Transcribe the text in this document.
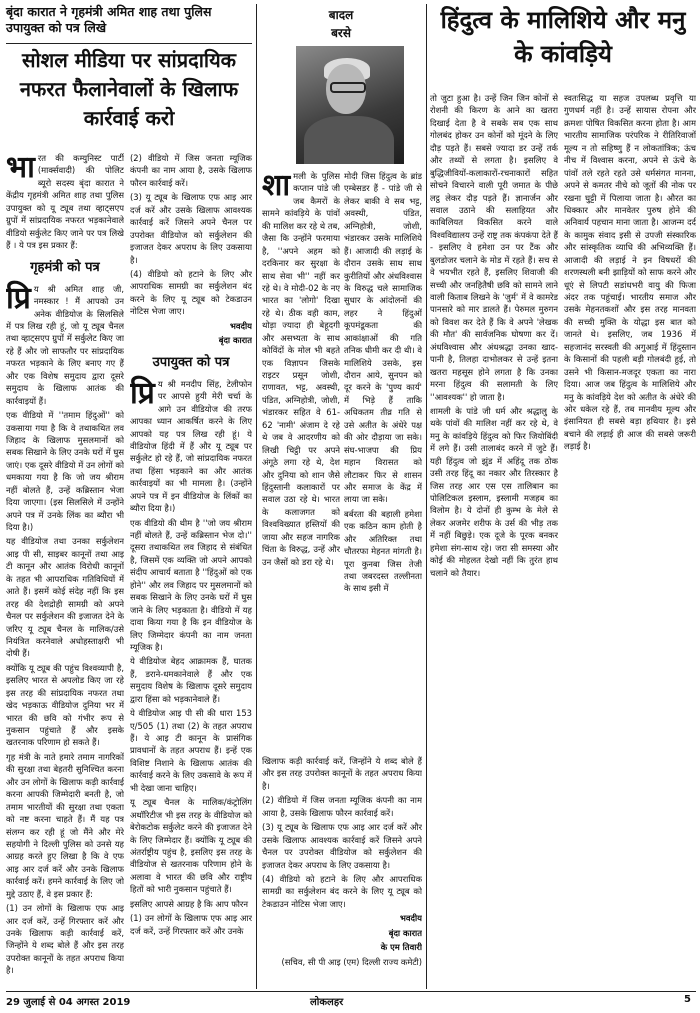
बृंदा कारात ने गृहमंत्री अमित शाह तथा पुलिस उपायुक्त को पत्र लिखे
सोशल मीडिया पर सांप्रदायिक नफरत फैलानेवालों के खिलाफ कार्रवाई करो

भारत की कम्युनिस्ट पार्टी (मार्क्सवादी) की पोलिट ब्यूरो सदस्य बृंदा कारात ने केंद्रीय गृहमंत्री अमित शाह तथा पुलिस उपायुक्त को यू ट्यूब तथा व्हाट्सएप ग्रुपों में सांप्रदायिक नफरत भड़कानेवाले वीडियो सर्कुलेट किए जाने पर पत्र लिखे हैं । ये पत्र इस प्रकार हैं:

गृहमंत्री को पत्र

प्रि य श्री अमित शाह जी, नमस्कार ! मैं आपको उन अनेक वीडियोज के सिलसिले में पत्र लिख रही हूं, जो यू ट्यूब चैनल तथा व्हाट्सएप ग्रुपों में सर्कुलेट किए जा रहे हैं और जो साफतौर पर सांप्रदायिक नफरत भड़काने के लिए बनाए गए हैं और एक विशेष समुदाय द्वारा दूसरे समुदाय के खिलाफ आतंक की कार्रवाइयों हैं।

एक वीडियो में ''तमाम हिंदुओं'' को उकसाया गया है कि वे तथाकथित लव जिहाद के खिलाफ मुसलमानों को सबक सिखाने के लिए उनके घरों में घुस जाएं। एक दूसरे वीडियो में उन लोगों को धमकाया गया है कि जो जय श्रीराम नहीं बोलते हैं, उन्हें कब्रिस्तान भेजा दिया जाएगा। (इस सिलसिले में उन्होंने अपने पत्र में उनके लिंक का ब्यौरा भी दिया है।)

यह वीडियोज तथा उनका सर्कुलेशन आइ पी सी, साइबर कानूनों तथा आइ टी कानून और आतंक विरोधी कानूनों के तहत भी आपराधिक गतिविधियों में आते हैं। इसमें कोई संदेह नहीं कि इस तरह की देशद्रोही सामग्री को अपने चैनल पर सर्कुलेशन की इजाजत देने के जरिए यू ट्यूब चैनल के मालिक/उसे नियंत्रित करनेवाले अधोहस्ताक्षरी भी दोषी हैं।

क्योंकि यू ट्यूब की पहुंच विश्वव्यापी है, इसलिए भारत से अपलोड किए जा रहे इस तरह की सांप्रदायिक नफरत तथा खेद भड़काऊ वीडियोज दुनिया भर में भारत की छवि को गंभीर रूप से नुकसान पहुंचाते हैं और इसके खतरनाक परिणाम हो सकते हैं।

गृह मंत्री के नाते हमारे तमाम नागरिकों की सुरक्षा तथा बेहतरी सुनिश्चित करना और उन लोगों के खिलाफ कड़ी कार्रवाई करना आपकी जिम्मेदारी बनती है, जो तमाम भारतीयों की सुरक्षा तथा एकता को नष्ट करना चाहते हैं। मैं यह पत्र संलग्न कर रही हूं जो मैंने और मेरे सहयोगी ने दिल्ली पुलिस को उनसे यह आग्रह करते हुए लिखा है कि वे एफ आइ आर दर्ज करें और उनके खिलाफ कार्रवाई करें। हमने कार्रवाई के लिए जो मुद्दे उठाए हैं, वे इस प्रकार हैं:

(1) उन लोगों के खिलाफ एफ आइ आर दर्ज करें, उन्हें गिरफ्तार करें और उनके खिलाफ कड़ी कार्रवाई करें, जिन्होंने ये शब्द बोले हैं और इस तरह उपरोक्त कानूनों के तहत अपराध किया है।

(2) वीडियो में जिस जनता म्यूजिक कंपनी का नाम आया है, उसके खिलाफ फौरन कार्रवाई करें।

(3) यू ट्यूब के खिलाफ एफ आइ आर दर्ज करें और उसके खिलाफ आवश्यक कार्रवाई करें जिसने अपने चैनल पर उपरोक्त वीडियोज को सर्कुलेशन की इजाजत देकर अपराध के लिए उकसाया है।

(4) वीडियो को हटाने के लिए और आपराधिक सामग्री का सर्कुलेशन बंद करने के लिए यू ट्यूब को टेकडाउन नोटिस भेजा जाए।

भवदीय
बृंदा कारात
उपायुक्त को पत्र

प्रि य श्री मनदीप सिंह, टेलीफोन पर आपसे हुयी मेरी चर्चा के आगे उन वीडियोज की तरफ आपका ध्यान आकर्षित करने के लिए आपको यह पत्र लिख रही हूं। ये वीडियोज हिंदी में हैं और यू ट्यूब पर सर्कुलेट हो रहे हैं, जो सांप्रदायिक नफरत तथा हिंसा भड़काने का और आतंक कार्रवाइयों का भी मामला है। (उन्होंने अपने पत्र में इन वीडियोज के लिंकों का ब्यौरा दिया है।)

एक वीडियो की थीम है ''जो जय श्रीराम नहीं बोलते हैं, उन्हें कब्रिस्तान भेज दो।'' दूसरा तथाकथित लव जिहाद से संबंधित है, जिसमें एक व्यक्ति जो अपने आपको संदीप आचार्य बताता है ''हिंदुओं को एक होने'' और लव जिहाद पर मुसलमानों को सबक सिखाने के लिए उनके घरों में घुस जाने के लिए भड़काता है। वीडियो में यह दावा किया गया है कि इन वीडियोज के लिए जिम्मेदार कंपनी का नाम जनता म्यूजिक है।

ये वीडियोज बेहद आक्रामक हैं, घातक हैं, डराने-धमकानेवाले हैं और एक समुदाय विशेष के खिलाफ दूसरे समुदाय द्वारा हिंसा को भड़कानेवाले हैं।

ये वीडियोज आइ पी सी की धारा 153 ए/505 (1) तथा (2) के तहत अपराध हैं। ये आइ टी कानून के प्रासंगिक प्रावधानों के तहत अपराध हैं। इन्हें एक विशिष्ट निशाने के खिलाफ आतंक की कार्रवाई करने के लिए उकसावे के रूप में भी देखा जाना चाहिए।

यू ट्यूब चैनल के मालिक/कंट्रोलिंग अथॉरिटीज भी इस तरह के वीडियोज को बेरोकटोक सर्कुलेट करने की इजाजत देने के लिए जिम्मेदार हैं। क्योंकि यू ट्यूब की अंतर्राष्ट्रीय पहुंच है, इसलिए इस तरह के वीडियोज से खतरनाक परिणाम होने के अलावा वे भारत की छवि और राष्ट्रीय हितों को भारी नुकसान पहुंचाते हैं।

इसलिए आपसे आग्रह है कि आप फौरन

(1) उन लोगों के खिलाफ एफ आइ आर दर्ज करें, उन्हें गिरफ्तार करें और उनके

बादल
बरसे

शामली के पुलिस कप्तान पांडे जी जब कैमरों के सामने कांवड़िये के पांवों की मालिश कर रहे थे तब, जैसा कि उन्होंने फरमाया है, ''अपने अहम को दरकिनार कर सुरक्षा के साथ सेवा भी'' नहीं कर रहे थे। वे मोदी-02 के नए भारत का 'लोगो' दिखा रहे थे। ठीक वही काम, थोड़ा ज्यादा ही बेहूदगी और असभ्यता के साथ कोविंदों के मोल भी बहते एक विज्ञापन जिसके राइटर प्रसून जोशी, राणावत, भट्ट, अवस्थी, पंडित, अग्निहोत्री, जोशी, भंडारकर सहित वे 61-62 'नामी' अंजाम दे रहे थे जब वे आदरणीय को लिखी चिट्ठी पर अपने अंगूठे लगा रहे थे, देश और दुनिया को शान जैसे हिंदुस्तानी कलाकारों पर सवाल उठा रहे थे। भारत के कलाजगत को विश्वविख्यात हस्तियों की जाया और सहज नागरिक चिंता के विरुद्ध, उन्हें और उन जैसों को डरा रहे थे।

मोदी जिस हिंदुत्व के ब्रांड एम्बेसडर हैं - पांडे जी से लेकर बाकी वे सब भट्ट, अवस्थी, पंडित, अग्निहोत्री, जोशी, भंडारकर उसके मालिशिये हैं। आजादी की लड़ाई के दौरान उसके साथ साथ कुरीतियों और अंधविश्वास के विरुद्ध चले सामाजिक सुधार के आंदोलनों की लहर ने हिंदुओं कूपमंडूकता की आकांक्षाओं की गति तनिक धीमी कर दी थी। वे मालिशिये उसके, इस दौरान आये, सुनपन को दूर करने के 'पुण्य कार्य' में भिड़े हैं ताकि अधिकतम तीव्र गति से उसे अतीत के अंधेरे पक्ष की ओर दौड़ाया जा सके। संघ-भाजपा की प्रिय महान विरासत को लौटाकर फिर से शासन और समाज के केंद्र में लाया जा सके।

बर्बरता की बहाली हमेशा एक कठिन काम होती है और अतिरिक्त तथा चौतरफा मेहनत मांगती है। पूरा कुनबा जिस तेजी तथा जबरदस्त तल्लीनता के साथ इसी में

खिलाफ कड़ी कार्रवाई करें, जिन्होंने ये शब्द बोले हैं और इस तरह उपरोक्त कानूनों के तहत अपराध किया है।

(2) वीडियो में जिस जनता म्यूजिक कंपनी का नाम आया है, उसके खिलाफ फौरन कार्रवाई करें।

(3) यू ट्यूब के खिलाफ एफ आइ आर दर्ज करें और उसके खिलाफ आवश्यक कार्रवाई करें जिसने अपने चैनल पर उपरोक्त वीडियोज को सर्कुलेशन की इजाजत देकर अपराध के लिए उकसाया है।

(4) वीडियो को हटाने के लिए और आपराधिक सामग्री का सर्कुलेशन बंद करने के लिए यू ट्यूब को टेकडाउन नोटिस भेजा जाए।

भवदीय
बृंदा कारात
के एम तिवारी
(सचिव, सी पी आइ (एम) दिल्ली राज्य कमेटी)
हिंदुत्व के मालिशिये और मनु के कांवड़िये

तो जुटा हुआ है। उन्हें जिन जिन कोनों से रोशनी की किरण के आने का खतरा दिखाई देता है वे सबके सब एक साथ गोलबंद होकर उन कोनों को मूंदने के लिए दौड़ पड़ते हैं। सबसे ज्यादा डर उन्हें तर्क और तथ्यों से लगता है। इसलिए वे बुद्धिजीवियों-कलाकारों-रचनाकारों सहित सोचने विचारने वाली पूरी जमात के पीछे लट्ठ लेकर दौड़ पड़ते हैं। ज्ञानार्जन और सवाल उठाने की सलाहियत और काबिलियत विकसित करने वाले विश्वविद्यालय उन्हें राष्ट्र तक कंपकंपा देते हैं - इसलिए वे हमेशा उन पर टैंक और बुलडोजर चलाने के मोड में रहते हैं। सच से वे भयभीत रहते हैं, इसलिए शिवाजी की सच्ची और जनहितैषी छवि को सामने लाने वाली किताब लिखने के 'जुर्म' में वे कामरेड पानसारे को मार डालते हैं। पेरुमल मुरुगन को विवश कर देते हैं कि वे अपने 'लेखक की मौत' की सार्वजनिक घोषणा कर दें। अंधविश्वास और अंधश्रद्धा उनका खाद-पानी है, तिलहा दाभोलकर से उन्हें इतना खतरा महसूस होने लगता है कि उनका मरना हिंदुत्व की सलामती के लिए ''आवश्यक'' हो जाता है।

शामली के पांडे जी धर्म और श्रद्धालु के थके पांवों की मालिश नहीं कर रहे थे, वे मनु के कांवड़िये हिंदुत्व को फिर जियोबिंदी में लगे हैं। उसी तालाबंद करने में जुटे हैं। यही हिंदुत्व जो झुंड में अहिंदू तक ठोक उसी तरह हिंदू का नकार और तिरस्कार है जिस तरह आर एस एस तालिबान का पोलिटिकल इस्लाम, इस्लामी मजहब का विलोम है। ये दोनों ही कुम्भ के मेले से लेकर अजमेर शरीफ के उर्स की भीड़ तक में नहीं बिछुड़े। एक दूजे के पूरक बनकर हमेशा संग-साथ रहे। जरा सी समस्या और कोई की मोहलत देखो नहीं कि तुरंत हाथ चलाने को तैयार।

स्वतःसिद्ध या सहज उपलब्ध प्रवृत्ति या गुणधर्म नहीं है। उन्हें सायास रोपना और क्रमशः पोषित विकसित करना होता है। आम भारतीय सामाजिक परंपरिक ने रीतिरिवाजों मूल्य न तो सहिष्णु हैं न लोकतांत्रिक; ऊंच नीच में विश्वास करना, अपने से ऊंचे के पांवों तले रहते रहते उसे धर्मसंगत मानना, अपने से कमतर नीचे को जूतों की नोक पर रखना घुट्टी में पिलाया जाता है। औरत का धिक्कार और मानवेतर पुरुष होने की अनिवार्य पहचान माना जाता है। आजन्म दर्द के कामुक संवाद इसी से उपजी संस्कारिक और सांस्कृतिक व्याधि की अभिव्यक्ति हैं। आजादी की लड़ाई ने इन विषधरों की शरणस्थली बनी झाड़ियों को साफ करने और धूएं से लिपटी सडांधभरी वायु की फिजा अंदर तक पहुंचाई। भारतीय समाज और उसके मेहनतकशों और इस तरह मानवता की सच्ची मुक्ति के योद्धा इस बात को जानते थे। इसलिए, जब 1936 में सहजानंद सरस्वती की अगुआई में हिंदुस्तान के किसानों की पहली बड़ी गोलबंदी हुई, तो उसने भी किसान-मजदूर एकता का नारा दिया। आज जब हिंदुत्व के मालिशिये और मनु के कांवड़िये देश को अतीत के अंधेरे की ओर धकेल रहे हैं, तब मानवीय मूल्य और इंसानियत ही सबसे बड़ा हथियार है। इसे बचाने की लड़ाई ही आज की सबसे जरूरी लड़ाई है।

29 जुलाई से 04 अगस्त 2019	लोकलहर	5
